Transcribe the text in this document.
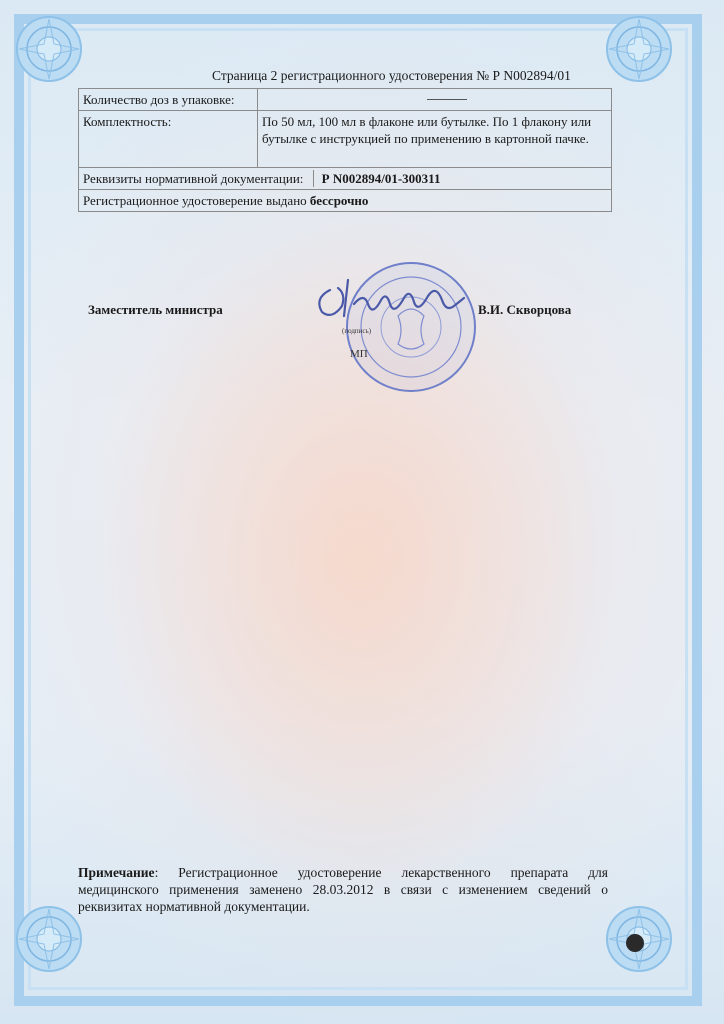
Страница 2 регистрационного удостоверения № Р N002894/01
Количество доз в упаковке:	
Комплектность:	По 50 мл, 100 мл в флаконе или бутылке. По 1 флакону или бутылке с инструкцией по применению в картонной пачке.
Реквизиты нормативной документации: Р N002894/01-300311	
Регистрационное удостоверение выдано бессрочно	
Заместитель министра
(подпись)
МП
В.И. Скворцова
Примечание: Регистрационное удостоверение лекарственного препарата для медицинского применения заменено 28.03.2012 в связи с изменением сведений о реквизитах нормативной документации.
